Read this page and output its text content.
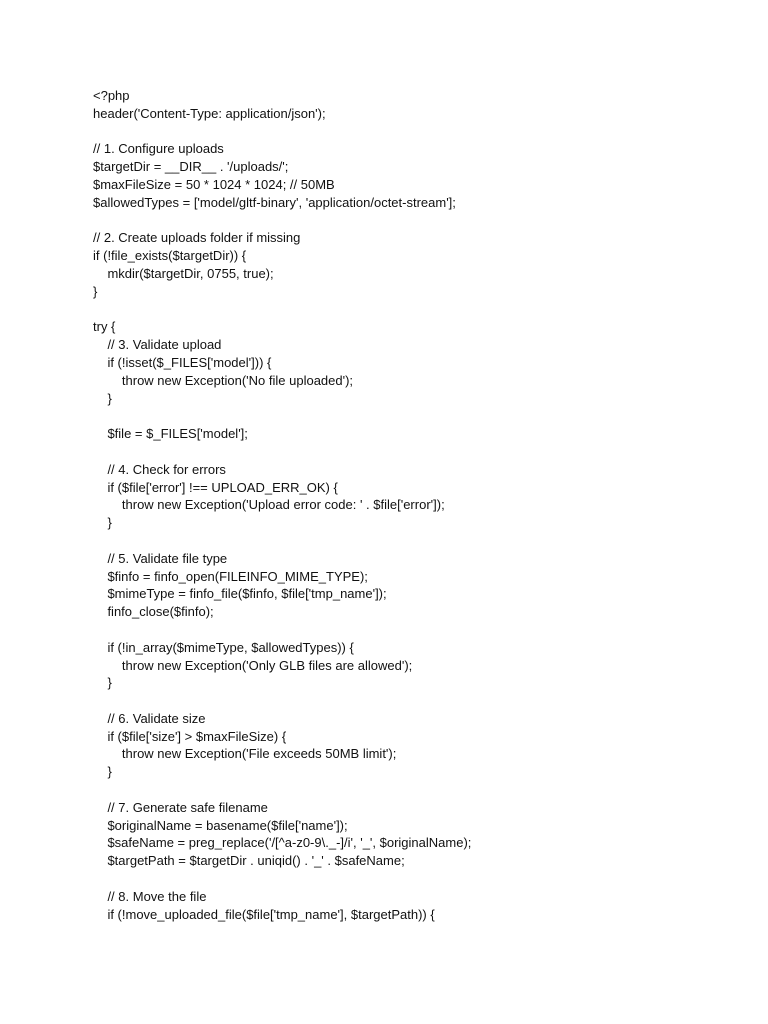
<?php
header('Content-Type: application/json');
// 1. Configure uploads
$targetDir = __DIR__ . '/uploads/';
$maxFileSize = 50 * 1024 * 1024; // 50MB
$allowedTypes = ['model/gltf-binary', 'application/octet-stream'];
// 2. Create uploads folder if missing
if (!file_exists($targetDir)) {
mkdir($targetDir, 0755, true);
}
try {
// 3. Validate upload
if (!isset($_FILES['model'])) {
throw new Exception('No file uploaded');
}
$file = $_FILES['model'];
// 4. Check for errors
if ($file['error'] !== UPLOAD_ERR_OK) {
throw new Exception('Upload error code: ' . $file['error']);
}
// 5. Validate file type
$finfo = finfo_open(FILEINFO_MIME_TYPE);
$mimeType = finfo_file($finfo, $file['tmp_name']);
finfo_close($finfo);
if (!in_array($mimeType, $allowedTypes)) {
throw new Exception('Only GLB files are allowed');
}
// 6. Validate size
if ($file['size'] > $maxFileSize) {
throw new Exception('File exceeds 50MB limit');
}
// 7. Generate safe filename
$originalName = basename($file['name']);
$safeName = preg_replace('/[^a-z0-9\._-]/i', '_', $originalName);
$targetPath = $targetDir . uniqid() . '_' . $safeName;
// 8. Move the file
if (!move_uploaded_file($file['tmp_name'], $targetPath)) {
